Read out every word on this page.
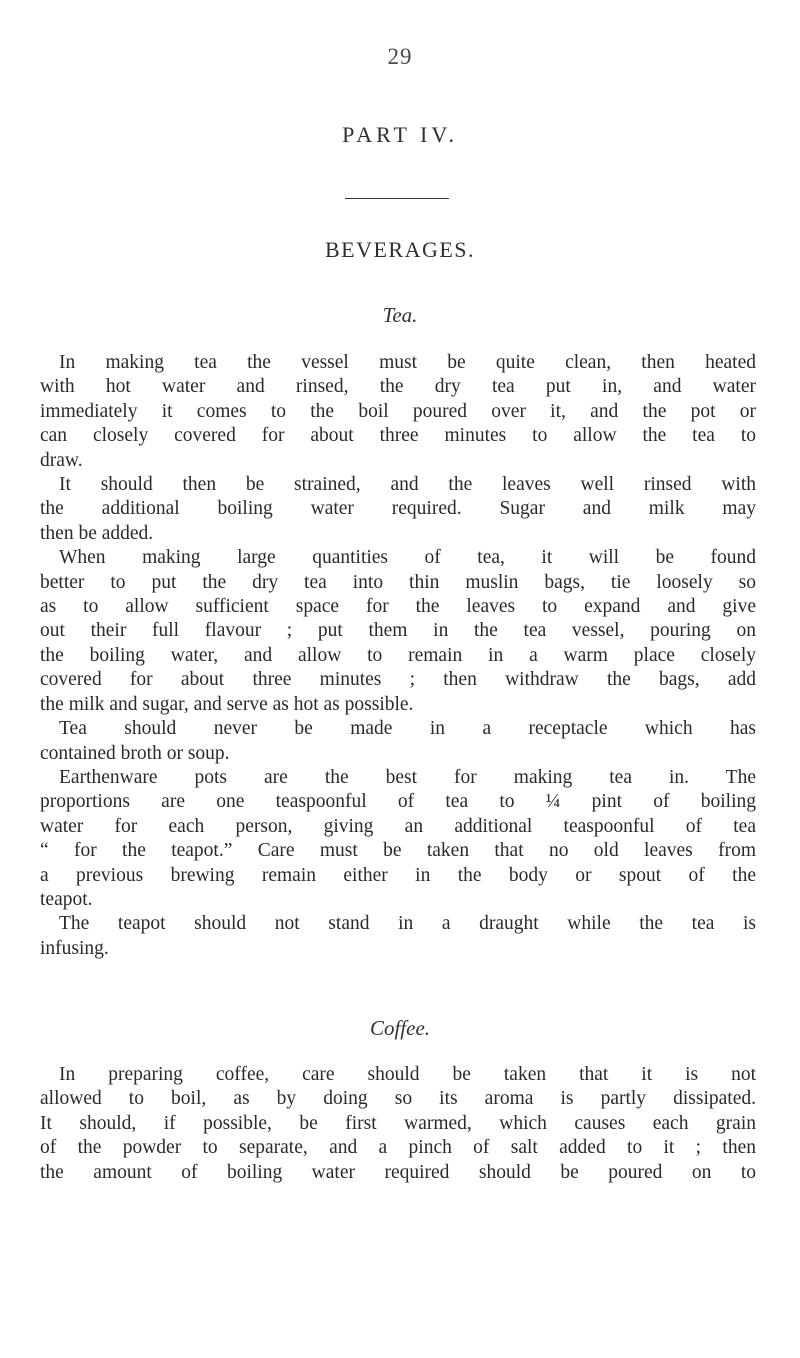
29
PART IV.
BEVERAGES.
Tea.
In making tea the vessel must be quite clean, then heated
with hot water and rinsed, the dry tea put in, and water
immediately it comes to the boil poured over it, and the pot or
can closely covered for about three minutes to allow the tea to
draw.
It should then be strained, and the leaves well rinsed with
the additional boiling water required. Sugar and milk may
then be added.
When making large quantities of tea, it will be found
better to put the dry tea into thin muslin bags, tie loosely so
as to allow sufficient space for the leaves to expand and give
out their full flavour ; put them in the tea vessel, pouring on
the boiling water, and allow to remain in a warm place closely
covered for about three minutes ; then withdraw the bags, add
the milk and sugar, and serve as hot as possible.
Tea should never be made in a receptacle which has
contained broth or soup.
Earthenware pots are the best for making tea in. The
proportions are one teaspoonful of tea to ¼ pint of boiling
water for each person, giving an additional teaspoonful of tea
“ for the teapot.” Care must be taken that no old leaves from
a previous brewing remain either in the body or spout of the
teapot.
The teapot should not stand in a draught while the tea is
infusing.
Coffee.
In preparing coffee, care should be taken that it is not
allowed to boil, as by doing so its aroma is partly dissipated.
It should, if possible, be first warmed, which causes each grain
of the powder to separate, and a pinch of salt added to it ; then
the amount of boiling water required should be poured on to
